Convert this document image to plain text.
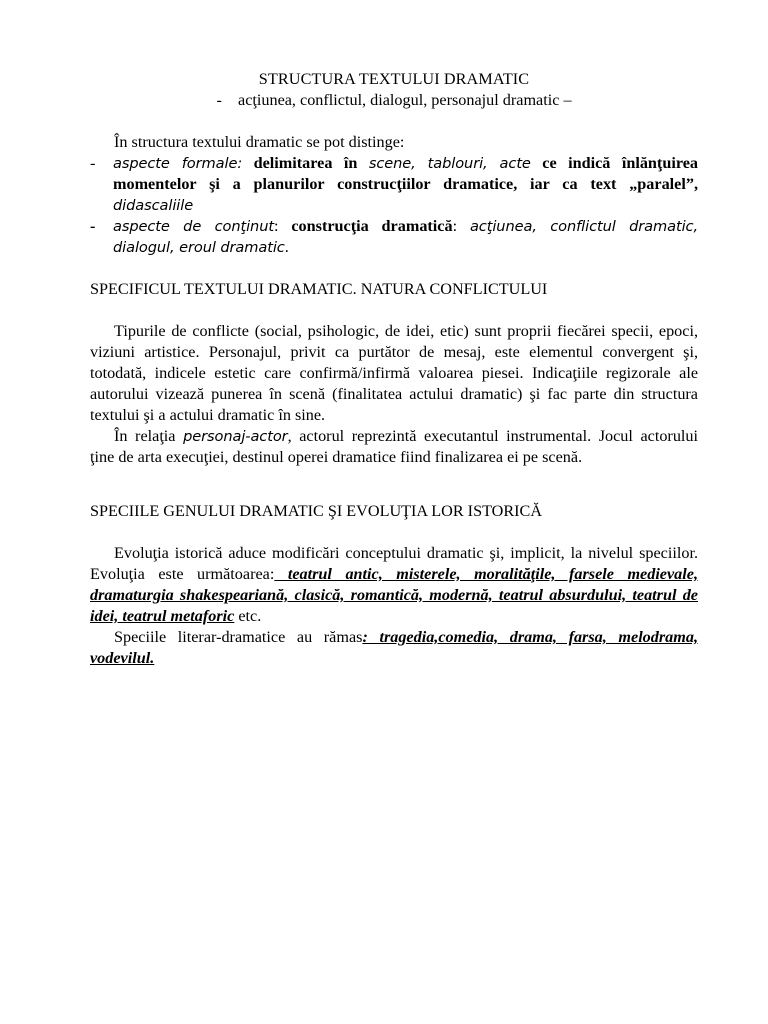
STRUCTURA TEXTULUI DRAMATIC

- acţiunea, conflictul, dialogul, personajul dramatic –

În structura textului dramatic se pot distinge:

- aspecte formale: delimitarea în scene, tablouri, acte ce indică înlănţuirea momentelor şi a planurilor construcţiilor dramatice, iar ca text „paralel”, didascaliile
- aspecte de conţinut: construcţia dramatică: acţiunea, conflictul dramatic, dialogul, eroul dramatic.

SPECIFICUL TEXTULUI DRAMATIC. NATURA CONFLICTULUI

Tipurile de conflicte (social, psihologic, de idei, etic) sunt proprii fiecărei specii, epoci, viziuni artistice. Personajul, privit ca purtător de mesaj, este elementul convergent şi, totodată, indicele estetic care confirmă/infirmă valoarea piesei. Indicaţiile regizorale ale autorului vizează punerea în scenă (finalitatea actului dramatic) şi fac parte din structura textului şi a actului dramatic în sine.

În relaţia personaj-actor, actorul reprezintă executantul instrumental. Jocul actorului ţine de arta execuţiei, destinul operei dramatice fiind finalizarea ei pe scenă.

SPECIILE GENULUI DRAMATIC ŞI EVOLUŢIA LOR ISTORICĂ

Evoluţia istorică aduce modificări conceptului dramatic şi, implicit, la nivelul speciilor. Evoluţia este următoarea: teatrul antic, misterele, moralităţile, farsele medievale, dramaturgia shakespeariană, clasică, romantică, modernă, teatrul absurdului, teatrul de idei, teatrul metaforic etc.

Speciile literar-dramatice au rămas: tragedia,comedia, drama, farsa, melodrama, vodevilul.
